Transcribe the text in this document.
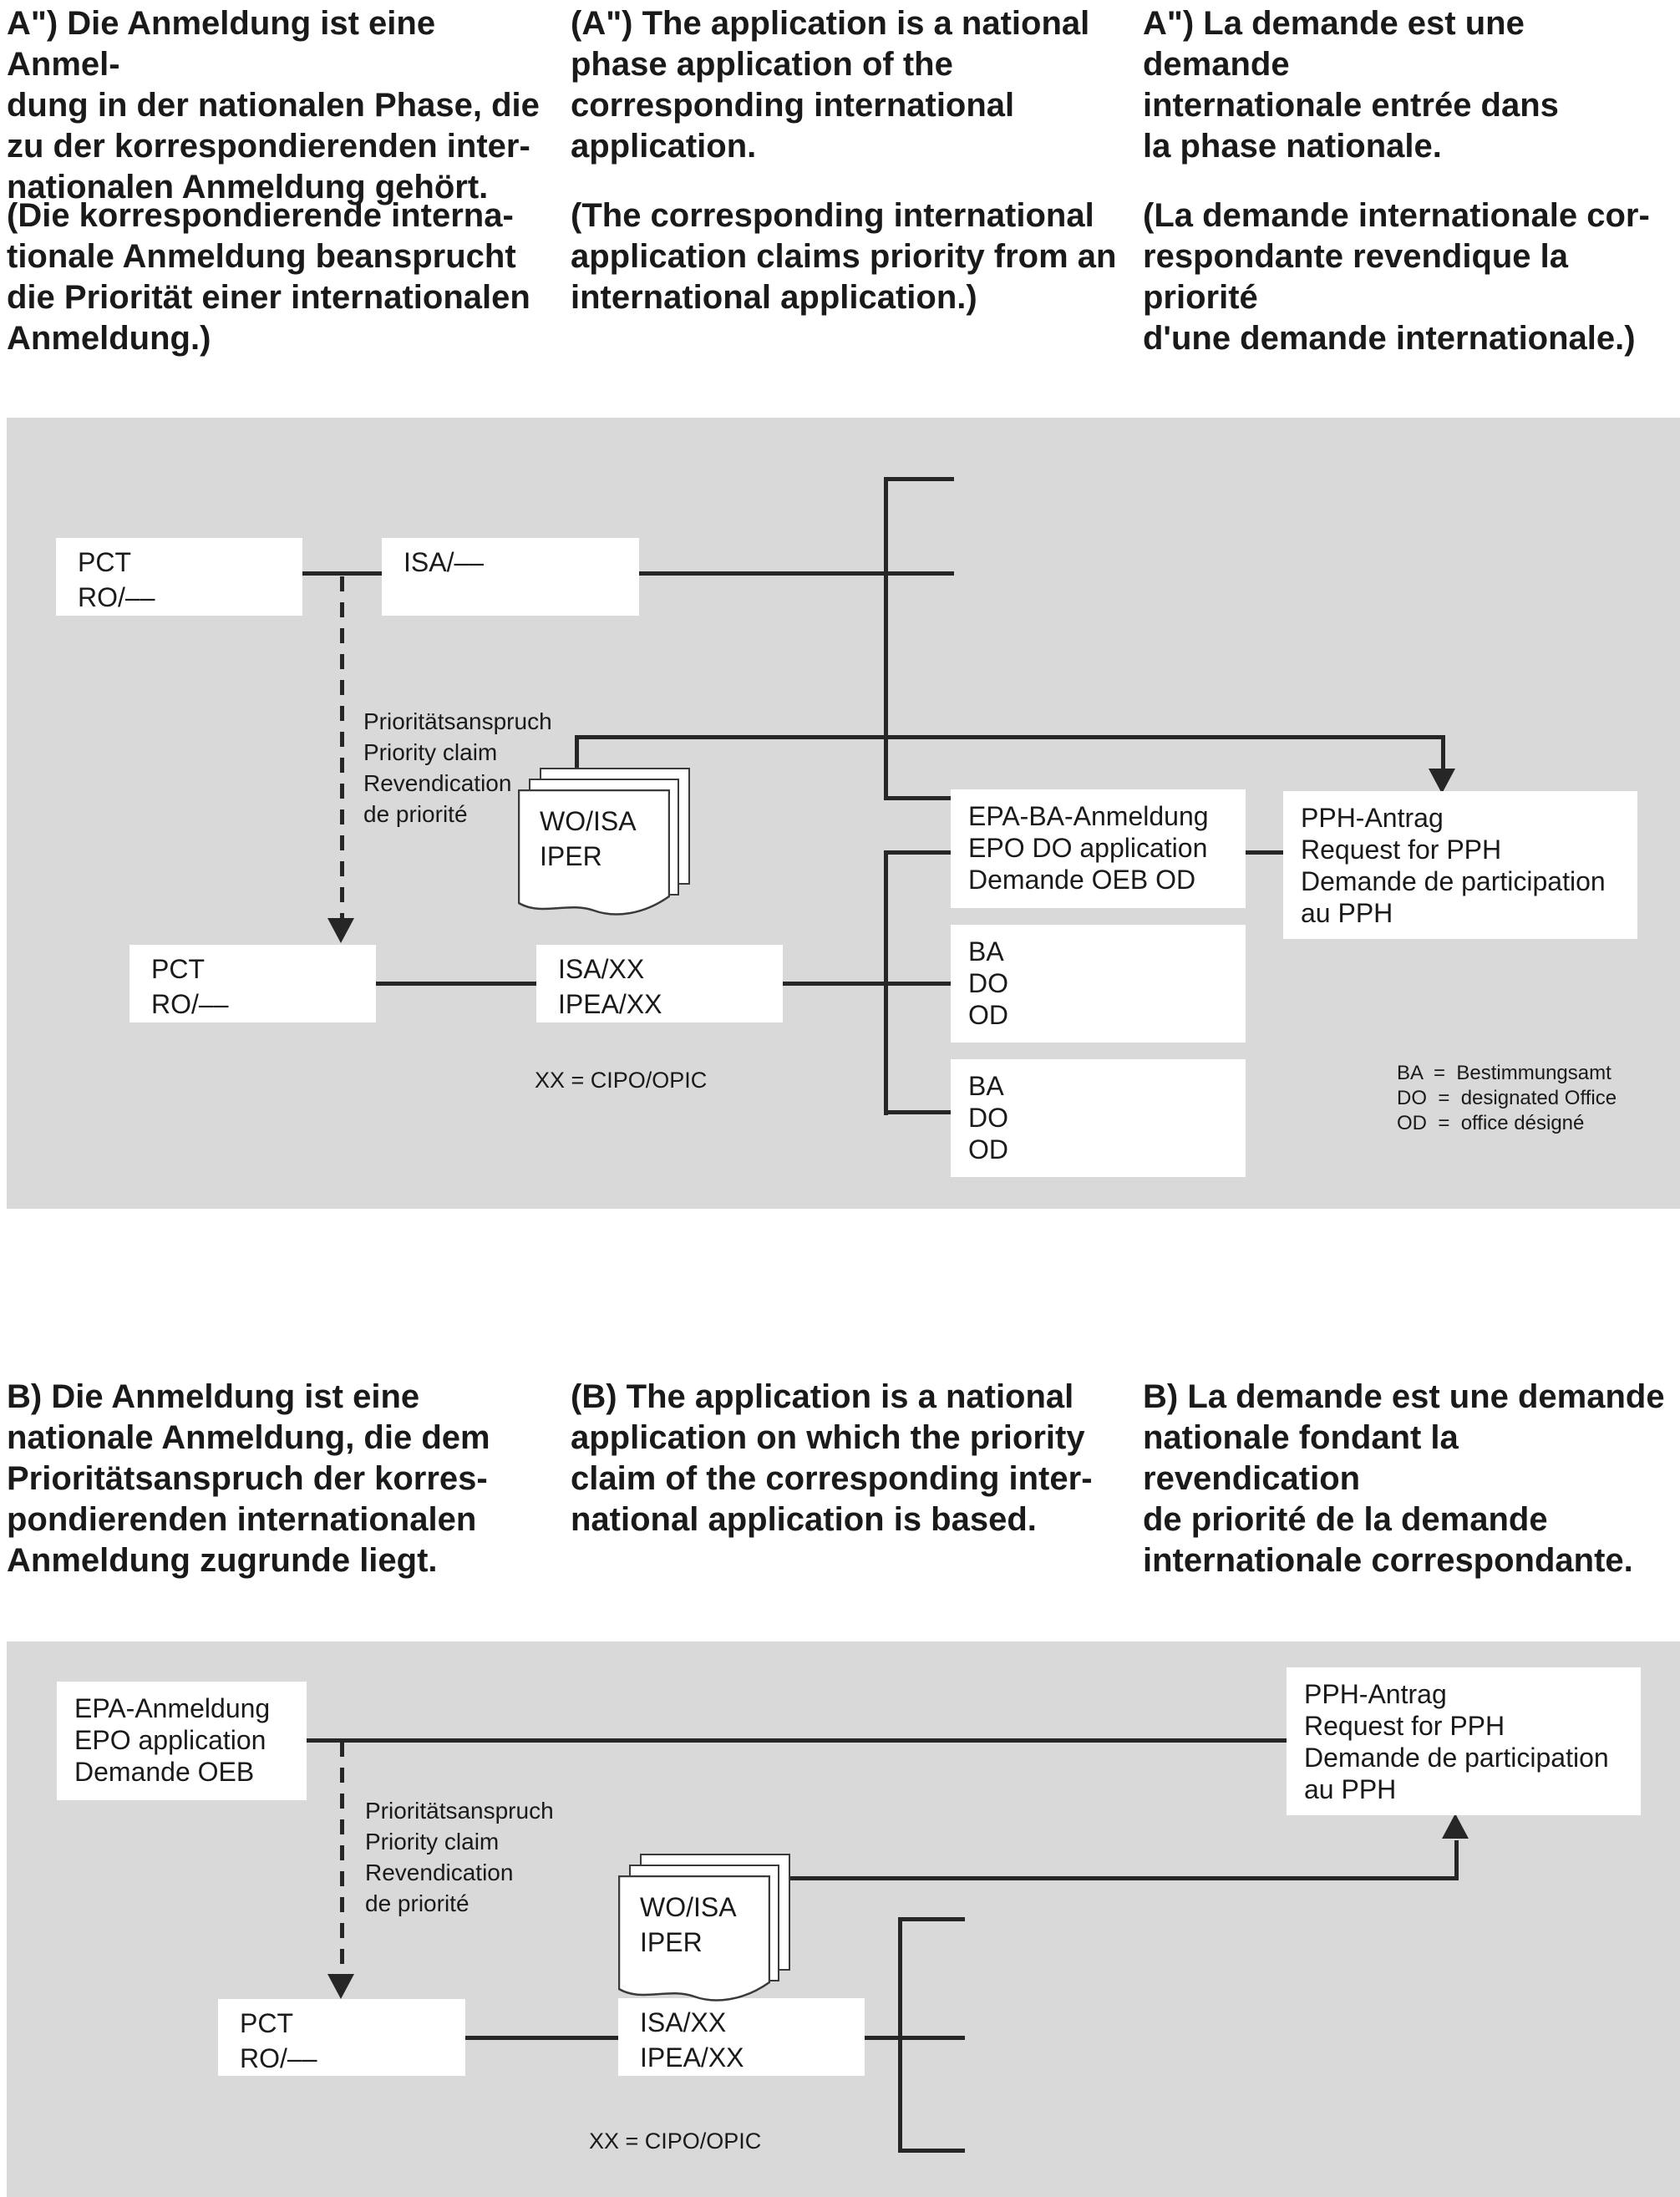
A") Die Anmeldung ist eine Anmel-
dung in der nationalen Phase, die
zu der korrespondierenden inter-
nationalen Anmeldung gehört.
(Die korrespondierende interna-
tionale Anmeldung beansprucht
die Priorität einer internationalen
Anmeldung.)
(A") The application is a national
phase application of the
corresponding international
application.
(The corresponding international
application claims priority from an
international application.)
A") La demande est une demande
internationale entrée dans
la phase nationale.
(La demande internationale cor-
respondante revendique la priorité
d'une demande internationale.)
Prioritätsanspruch
Priority claim
Revendication
de priorité
PCT
RO/––
ISA/––
PCT
RO/––
ISA/XX
IPEA/XX
EPA-BA-Anmeldung
EPO DO application
Demande OEB OD
PPH-Antrag
Request for PPH
Demande de participation
au PPH
BA
DO
OD
BA
DO
OD
WO/ISA
IPER
XX = CIPO/OPIC	BA  =  Bestimmungsamt
DO  =  designated Office
OD  =  office désigné
B) Die Anmeldung ist eine
nationale Anmeldung, die dem
Prioritätsanspruch der korres-
pondierenden internationalen
Anmeldung zugrunde liegt.
(B) The application is a national
application on which the priority
claim of the corresponding inter-
national application is based.
B) La demande est une demande
nationale fondant la revendication
de priorité de la demande
internationale correspondante.
Prioritätsanspruch
Priority claim
Revendication
de priorité
EPA-Anmeldung
EPO application
Demande OEB
PPH-Antrag
Request for PPH
Demande de participation
au PPH
PCT
RO/––
ISA/XX
IPEA/XX
WO/ISA
IPER
XX = CIPO/OPIC
